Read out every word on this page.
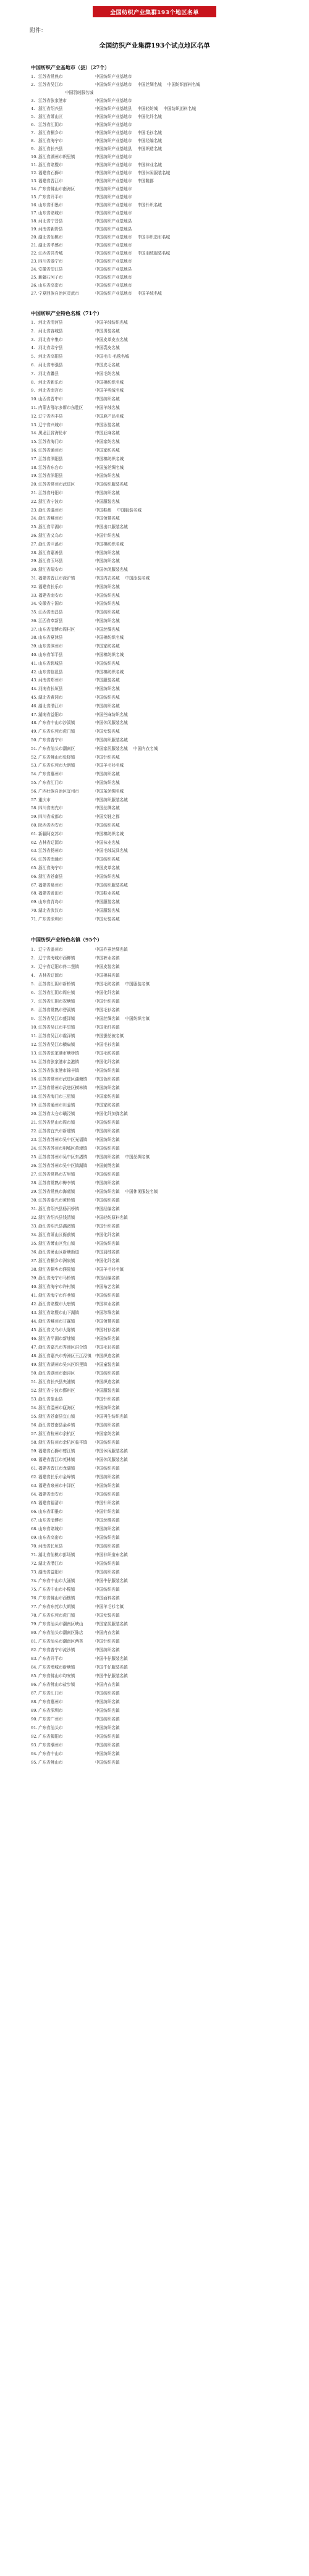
全国纺织产业集群193个地区名单
附件：
全国纺织产业集群193个试点地区名单
中国纺织产业基地市（县）（27个）
1. 江苏省常熟市	中国纺织产业基地市
2. 江苏省吴江市	中国纺织产业基地市 中国丝绸名城 中国纺织面料名城
中国羽绒服名城
3. 江苏省张家港市	中国纺织产业基地市
4. 浙江省绍兴县	中国纺织产业基地县 中国轻纺城 中国纺织面料名城
5. 浙江省萧山区	中国纺织产业基地市 中国化纤名城
6. 江苏省江阴市	中国纺织产业基地市
7. 浙江省桐乡市	中国纺织产业基地市 中国毛衫名城
8. 浙江省海宁市	中国纺织产业基地市 中国经编名城
9. 浙江省长兴县	中国纺织产业基地县 中国织造名城
10. 浙江省湖州市织里镇	中国纺织产业基地市
11. 浙江省诸暨市	中国纺织产业基地市 中国袜业名城
12. 福建省石狮市	中国纺织产业基地市 中国休闲服装名城
13. 福建省晋江市	中国纺织产业基地市 中国鞋都
14. 广东省佛山市南海区	中国纺织产业基地市
15. 广东省开平市	中国纺织产业基地市
16. 山东省即墨市	中国纺织产业基地市 中国针织名城
17. 山东省诸城市	中国纺织产业基地市
18. 河北省宁晋县	中国纺织产业基地县
19. 河南省新野县	中国纺织产业基地县
20. 湖北省仙桃市	中国纺织产业基地市 中国非织造布名城
21. 湖北省孝感市	中国纺织产业基地市
22. 江西省共青城	中国纺织产业基地市 中国羽绒服装名城
23. 四川省遂宁市	中国纺织产业基地市
24. 安徽省望江县	中国纺织产业基地县
25. 新疆石河子市	中国纺织产业基地市
26. 山东省高密市	中国纺织产业基地市
27. 宁夏回族自治区灵武市	中国纺织产业基地市 中国羊绒名城
中国纺织产业特色名城（71个）
1. 河北省清河县	中国羊绒纺织名城
2. 河北省容城县	中国男装名城
3. 河北省辛集市	中国皮革皮衣名城
4. 河北省肃宁县	中国裘皮名城
5. 河北省高阳县	中国毛巾·毛毯名城
6. 河北省枣强县	中国皮毛名城
7. 河北省蠡县	中国毛纺名城
8. 河北省新乐市	中国棉纺织名城
9. 河北省南宫市	中国羊剪绒名城
10. 山西省晋中市	中国纺织名城
11. 内蒙古鄂尔多斯市东胜区	中国羊绒名城
12. 辽宁省西丰县	中国鹿产品名城
13. 辽宁省兴城市	中国泳装名城
14. 黑龙江省海伦市	中国亚麻名城
15. 江苏省海门市	中国家纺名城
16. 江苏省通州市	中国家纺名城
17. 江苏省泗阳县	中国棉纺织名城
18. 江苏省东台市	中国茧丝绸名城
19. 江苏省沭阳县	中国纺织名城
20. 江苏省常州市武进区	中国纺织服装名城
21. 江苏省丹阳市	中国纺织名城
22. 浙江省宁波市	中国服装名城
23. 浙江省温州市	中国鞋都 中国服装名城
24. 浙江省嵊州市	中国领带名城
25. 浙江省平湖市	中国出口服装名城
26. 浙江省义乌市	中国针织名城
27. 浙江省兰溪市	中国棉纺织名城
28. 浙江省嘉善县	中国纺织名城
29. 浙江省玉环县	中国纺织名城
30. 浙江省瑞安市	中国休闲服装名城
31. 福建省晋江市深沪镇	中国内衣名城 中国泳装名城
32. 福建省长乐市	中国纺织名城
33. 福建省南安市	中国纺织名城
34. 安徽省宁国市	中国纺织名城
35. 江西省南昌县	中国纺织名城
36. 江西省奉新县	中国纺织名城
37. 山东省淄博市周村区	中国丝绸名城
38. 山东省夏津县	中国棉纺织名城
39. 山东省滨州市	中国家纺名城
40. 山东省邹平县	中国棉纺织名城
41. 山东省郓城县	中国纺织名城
42. 山东省临邑县	中国棉纺织名城
43. 河南省郑州市	中国服装名城
44. 河南省长垣县	中国纺织名城
45. 湖北省黄冈市	中国纺织名城
46. 湖北省潜江市	中国纺织名城
47. 湖南省益阳市	中国苎麻纺织名城
48. 广东省中山市沙溪镇	中国休闲服装名城
49. 广东省东莞市虎门镇	中国女装名城
50. 广东省普宁市	中国纺织服装名城
51. 广东省汕头市潮南区	中国家居服装名城 中国内衣名城
52. 广东省佛山市张槎镇	中国针织名城
53. 广东省东莞市大朗镇	中国羊毛衫名城
54. 广东省惠州市	中国纺织名城
55. 广东省江门市	中国纺织名城
56. 广西壮族自治区宜州市	中国茧丝绸名城
57. 重庆市	中国纺织服装名城
58. 四川省南充市	中国丝绸名城
59. 四川省成都市	中国女鞋之都
60. 陕西省西安市	中国纺织名城
61. 新疆阿克苏市	中国棉纺织名城
62. 吉林省辽源市	中国袜业名城
63. 江苏省扬州市	中国毛绒玩具名城
64. 江苏省南通市	中国纺织名城
65. 浙江省海宁市	中国皮革名城
66. 浙江省苍南县	中国纺织名城
67. 福建省泉州市	中国纺织服装名城
68. 福建省莆田市	中国鞋业名城
69. 山东省青岛市	中国服装名城
70. 湖北省武汉市	中国服装名城
71. 广东省深圳市	中国女装名城
中国纺织产业特色名镇（95个）
1. 辽宁省盖州市	中国柞蚕丝绸名镇
2. 辽宁省海城市西柳镇	中国裤业名镇
3. 辽宁省辽阳市佟二堡镇	中国皮装名镇
4. 吉林省辽源市	中国棉袜名镇
5. 江苏省江阴市新桥镇	中国毛纺名镇 中国服装名镇
6. 江苏省江阴市周庄镇	中国化纤名镇
7. 江苏省江阴市祝塘镇	中国针织名镇
8. 江苏省常熟市碧溪镇	中国毛衫名镇
9. 江苏省吴江市盛泽镇	中国丝绸名镇 中国纺织名镇
10. 江苏省吴江市平望镇	中国化纤名镇
11. 江苏省吴江市震泽镇	中国蚕丝被名镇
12. 江苏省吴江市横扇镇	中国毛衫名镇
13. 江苏省张家港市塘桥镇	中国毛纺名镇
14. 江苏省张家港市金港镇	中国化纤名镇
15. 江苏省张家港市锦丰镇	中国纺织名镇
16. 江苏省常州市武进区湖塘镇 中国色织名镇
17. 江苏省常州市武进区横林镇 中国纺织名镇
18. 江苏省海门市三星镇	中国家纺名镇
19. 江苏省通州市川姜镇	中国家纺名镇
20. 江苏省太仓市璜泾镇	中国化纤加弹名镇
21. 江苏省昆山市周市镇	中国纺织名镇
22. 江苏省宜兴市新建镇	中国纺织名镇
23. 江苏省苏州市吴中区光福镇 中国纺织名镇
24. 江苏省苏州市相城区黄埭镇 中国纺织名镇
25. 江苏省苏州市吴中区东渚镇 中国纺织名镇 中国丝绸名镇
26. 江苏省苏州市吴中区镇湖镇 中国刺绣名镇
27. 江苏省常熟市古里镇	中国纺织名镇
28. 江苏省常熟市梅李镇	中国纺织名镇
29. 江苏省常熟市海虞镇	中国纺织名镇 中国休闲服装名镇
30. 江苏省泰兴市黄桥镇	中国纺织名镇
31. 浙江省绍兴县杨汛桥镇	中国经编名镇
32. 浙江省绍兴县钱清镇	中国轻纺原料名镇
33. 浙江省绍兴县漓渚镇	中国针织名镇
34. 浙江省萧山区衙前镇	中国化纤名镇
35. 浙江省萧山区党山镇	中国纺织名镇
36. 浙江省萧山区新塘街道	中国羽绒名镇
37. 浙江省桐乡市洲泉镇	中国化纤名镇
38. 浙江省桐乡市濮院镇	中国羊毛衫名镇
39. 浙江省海宁市马桥镇	中国经编名镇
40. 浙江省海宁市许村镇	中国布艺名镇
41. 浙江省海宁市许巷镇	中国纺织名镇
42. 浙江省诸暨市大唐镇	中国袜业名镇
43. 浙江省诸暨市山下湖镇	中国珍珠名镇
44. 浙江省嵊州市甘霖镇	中国领带名镇
45. 浙江省义乌市大陈镇	中国衬衫名镇
46. 浙江省平湖市新埭镇	中国纺织名镇
47. 浙江省嘉兴市秀洲区洪合镇 中国毛衫名镇
48. 浙江省嘉兴市秀洲区王江泾镇 中国织造名镇
49. 浙江省湖州市吴兴区织里镇 中国童装名镇
50. 浙江省湖州市南浔区	中国纺织名镇
51. 浙江省长兴县夹浦镇	中国织造名镇
52. 浙江省宁波市鄞州区	中国服装名镇
53. 浙江省象山县	中国针织名镇
54. 浙江省温州市瓯海区	中国纺织名镇
55. 浙江省苍南县宜山镇	中国再生纺织名镇
56. 浙江省苍南县金乡镇	中国纺织名镇
57. 浙江省杭州市余杭区	中国家纺名镇
58. 浙江省杭州市余杭区临平镇 中国纺织名镇
59. 福建省石狮市蚶江镇	中国休闲服装名镇
60. 福建省晋江市英林镇	中国休闲服装名镇
61. 福建省晋江市龙湖镇	中国纺织名镇
62. 福建省长乐市金峰镇	中国纺织名镇
63. 福建省泉州市丰泽区	中国纺织名镇
64. 福建省南安市	中国纺织名镇
65. 福建省福清市	中国针织名镇
66. 山东省即墨市	中国针织名镇
67. 山东省淄博市	中国丝绸名镇
68. 山东省诸城市	中国纺织名镇
69. 山东省高密市	中国纺织名镇
70. 河南省长垣县	中国纺织名镇
71. 湖北省仙桃市彭场镇	中国非织造布名镇
72. 湖北省潜江市	中国纺织名镇
73. 湖南省益阳市	中国纺织名镇
74. 广东省中山市大涌镇	中国牛仔服装名镇
75. 广东省中山市小榄镇	中国纺织名镇
76. 广东省佛山市西樵镇	中国面料名镇
77. 广东省东莞市大朗镇	中国羊毛衫名镇
78. 广东省东莞市虎门镇	中国女装名镇
79. 广东省汕头市潮南区峡山	中国家居服装名镇
80. 广东省汕头市潮南区陈店	中国内衣名镇
81. 广东省汕头市潮南区两英	中国针织名镇
82. 广东省普宁市流沙镇	中国纺织名镇
83. 广东省开平市	中国牛仔服装名镇
84. 广东省增城市新塘镇	中国牛仔服装名镇
85. 广东省佛山市均安镇	中国牛仔服装名镇
86. 广东省佛山市盐步镇	中国内衣名镇
87. 广东省江门市	中国纺织名镇
88. 广东省惠州市	中国纺织名镇
89. 广东省深圳市	中国纺织名镇
90. 广东省广州市	中国纺织名镇
91. 广东省汕头市	中国纺织名镇
92. 广东省揭阳市	中国纺织名镇
93. 广东省潮州市	中国纺织名镇
94. 广东省中山市	中国纺织名镇
95. 广东省佛山市	中国纺织名镇
